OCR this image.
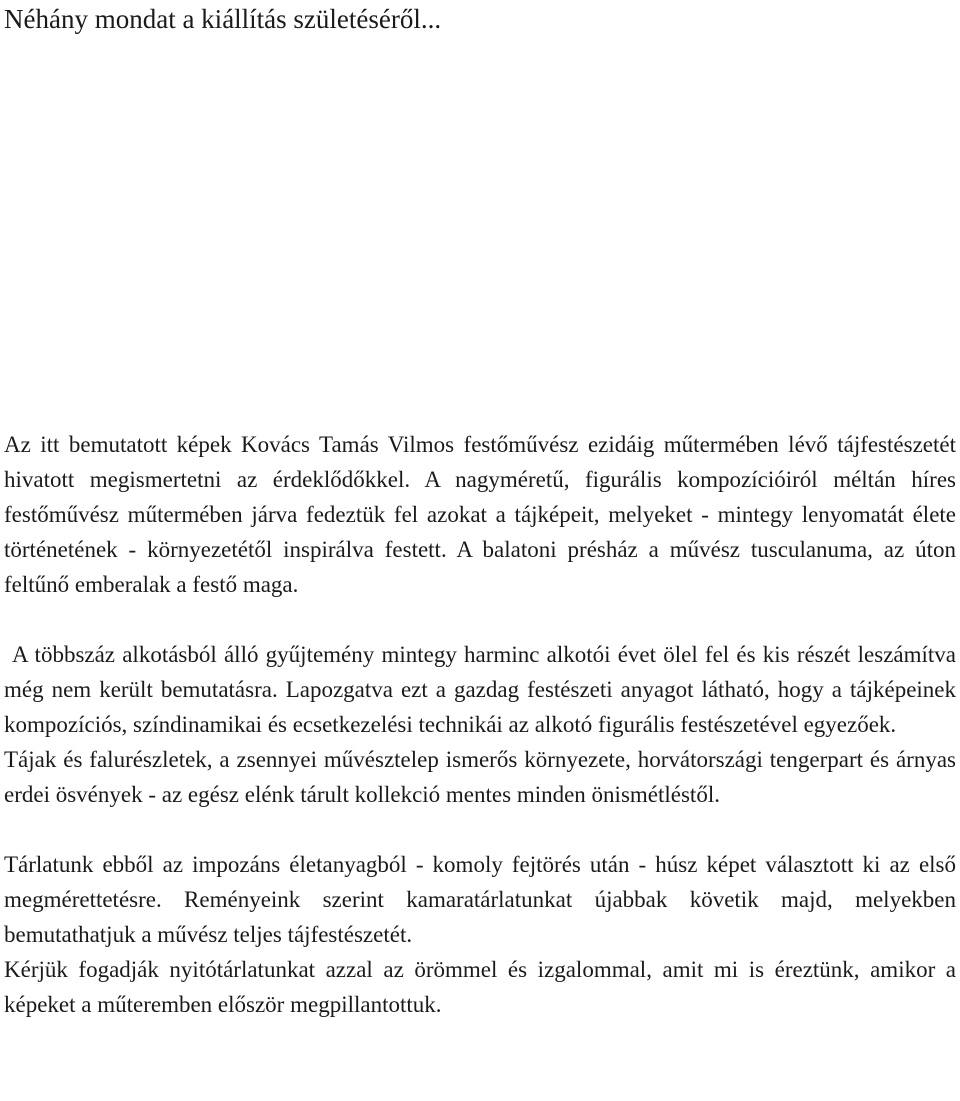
Néhány mondat a kiállítás születéséről...

Az itt bemutatott képek Kovács Tamás Vilmos festőművész ezidáig műtermében lévő tájfestészetét hivatott megismertetni az érdeklődőkkel. A nagyméretű, figurális kompozícióiról méltán híres festőművész műtermében járva fedeztük fel azokat a tájképeit, melyeket - mintegy lenyomatát élete történetének - környezetétől inspirálva festett. A balatoni présház a művész tusculanuma, az úton feltűnő emberalak a festő maga.

A többszáz alkotásból álló gyűjtemény mintegy harminc alkotói évet ölel fel és kis részét leszámítva még nem került bemutatásra. Lapozgatva ezt a gazdag festészeti anyagot látható, hogy a tájképeinek kompozíciós, színdinamikai és ecsetkezelési technikái az alkotó figurális festészetével egyezőek.

Tájak és falurészletek, a zsennyei művésztelep ismerős környezete, horvátországi tengerpart és árnyas erdei ösvények - az egész elénk tárult kollekció mentes minden önismétléstől.

Tárlatunk ebből az impozáns életanyagból - komoly fejtörés után - húsz képet választott ki az első megmérettetésre. Reményeink szerint kamaratárlatunkat újabbak követik majd, melyekben bemutathatjuk a művész teljes tájfestészetét.

Kérjük fogadják nyitótárlatunkat azzal az örömmel és izgalommal, amit mi is éreztünk, amikor a képeket a műteremben először megpillantottuk.
